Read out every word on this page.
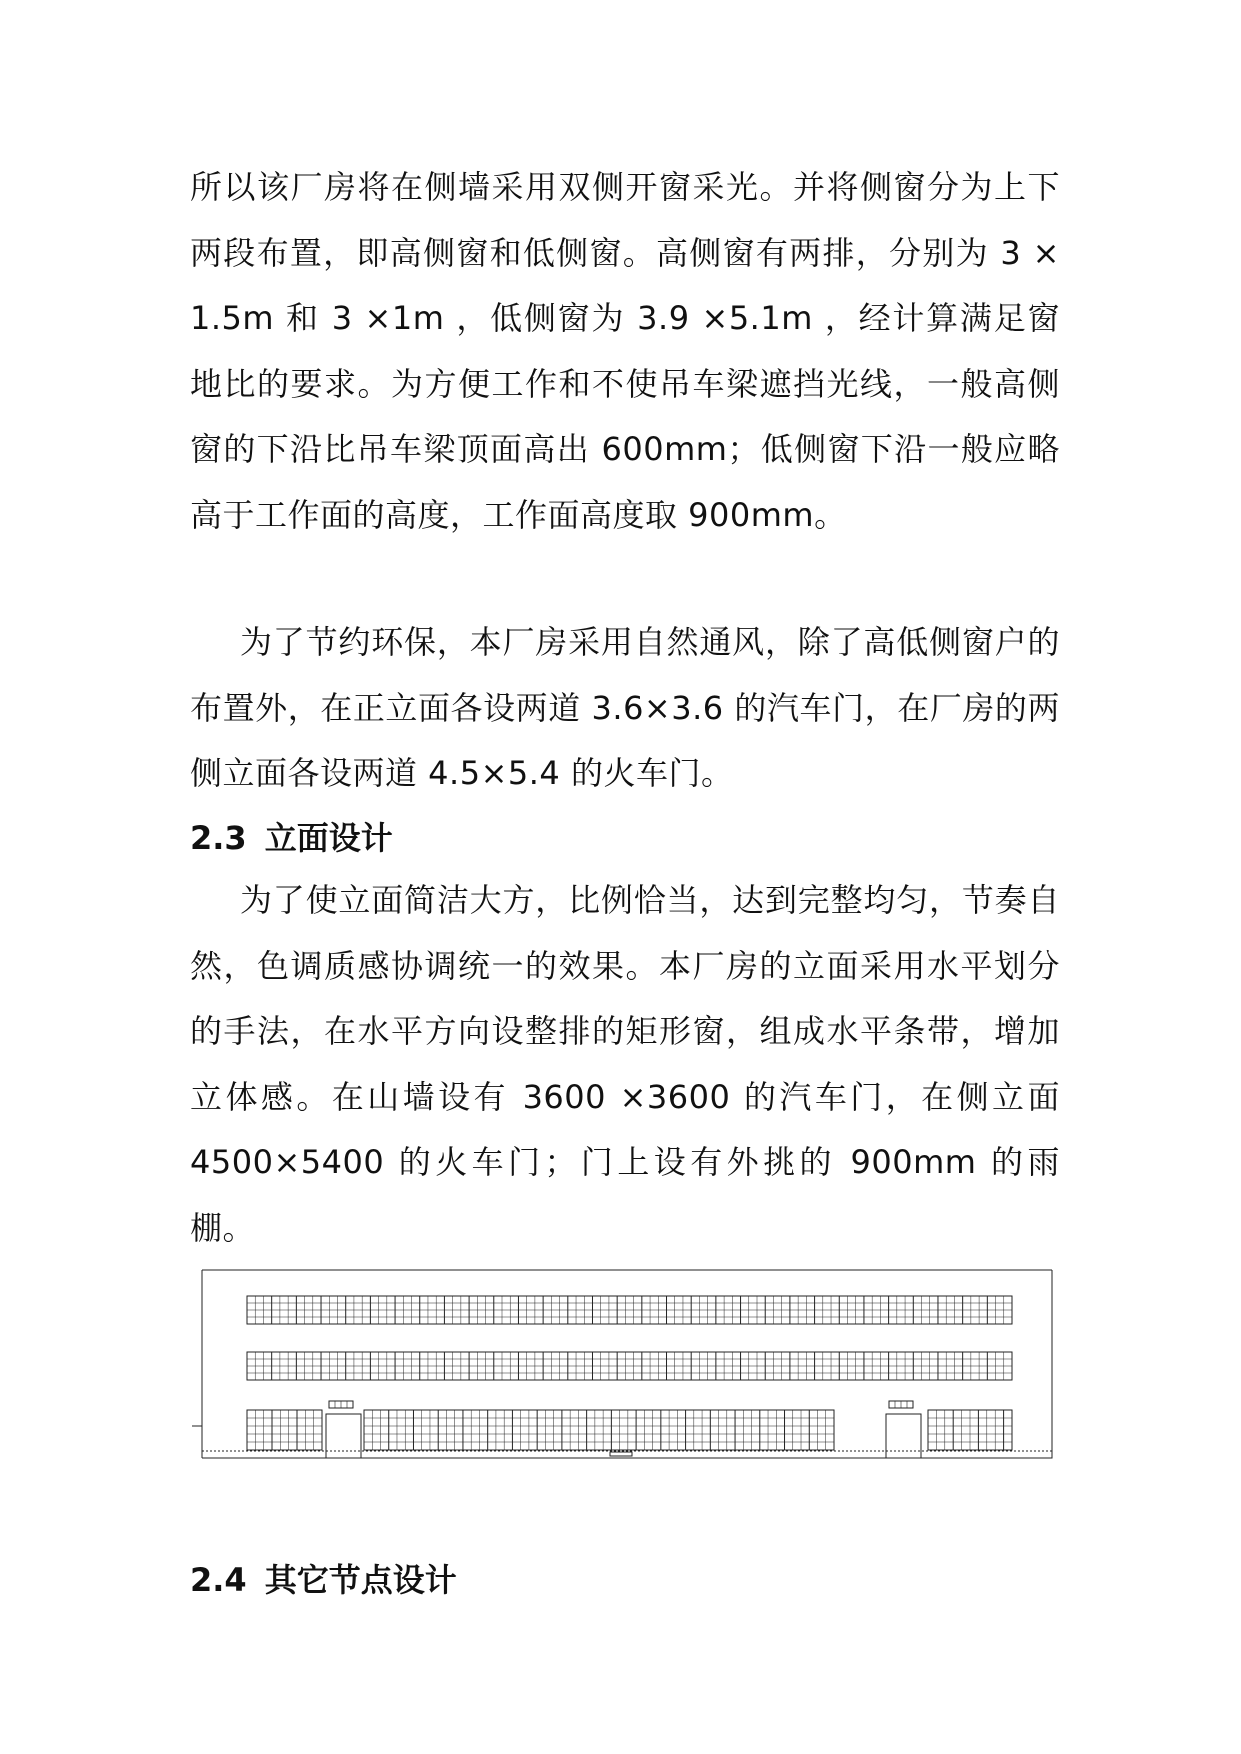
所以该厂房将在侧墙采用双侧开窗采光。并将侧窗分为上下两段布置，即高侧窗和低侧窗。高侧窗有两排，分别为 3 × 1.5m 和 3 ×1m ，低侧窗为 3.9 ×5.1m ，经计算满足窗地比的要求。为方便工作和不使吊车梁遮挡光线，一般高侧窗的下沿比吊车梁顶面高出 600mm；低侧窗下沿一般应略高于工作面的高度，工作面高度取 900mm。

为了节约环保，本厂房采用自然通风，除了高低侧窗户的布置外，在正立面各设两道 3.6×3.6 的汽车门，在厂房的两侧立面各设两道 4.5×5.4 的火车门。

2.3 立面设计

为了使立面简洁大方，比例恰当，达到完整均匀，节奏自然，色调质感协调统一的效果。本厂房的立面采用水平划分的手法，在水平方向设整排的矩形窗，组成水平条带，增加立体感。在山墙设有 3600 ×3600 的汽车门，在侧立面 4500×5400 的火车门；门上设有外挑的 900mm 的雨棚。

2.4 其它节点设计
